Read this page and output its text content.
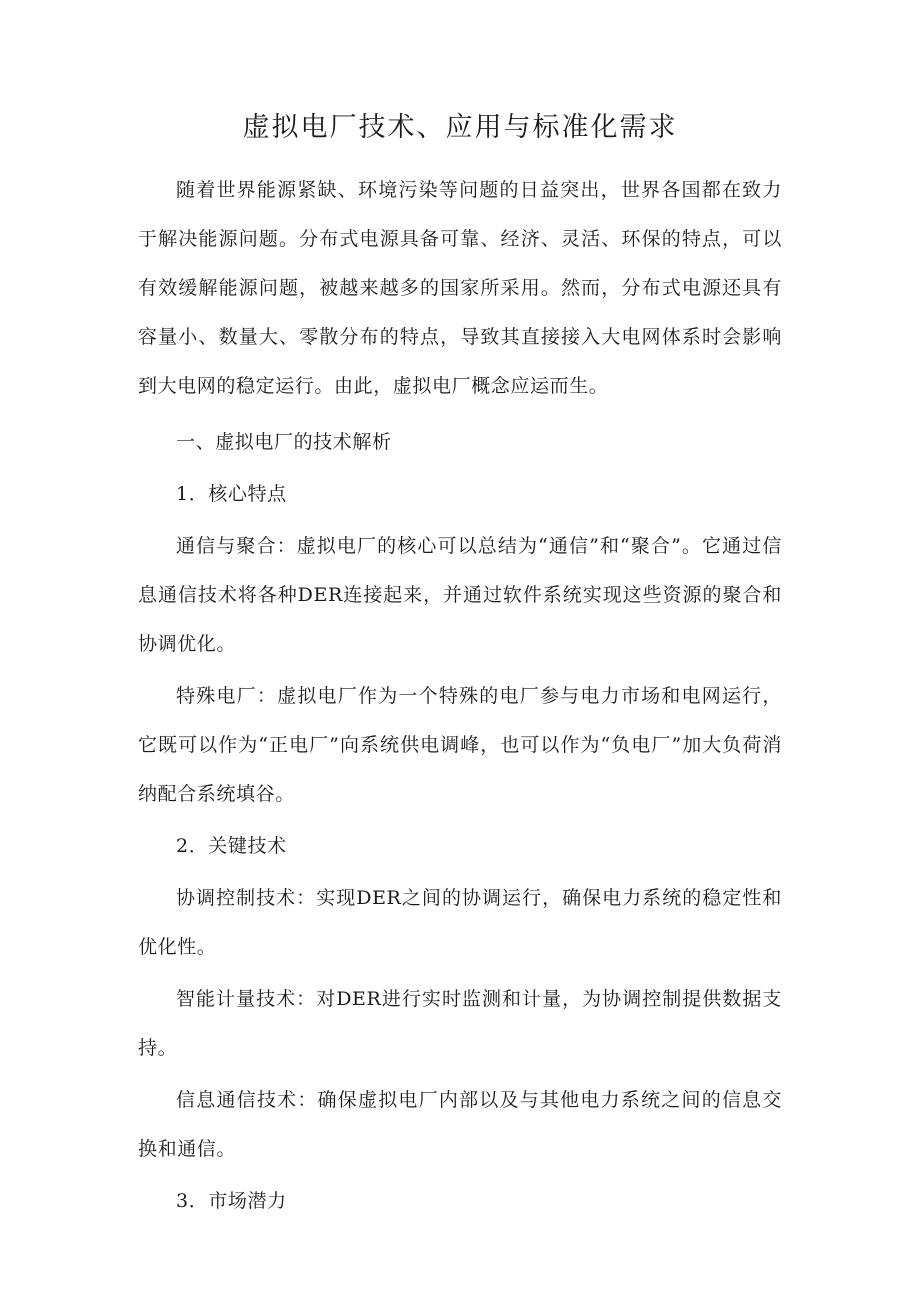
虚拟电厂技术、应用与标准化需求

随着世界能源紧缺、环境污染等问题的日益突出，世界各国都在致力于解决能源问题。分布式电源具备可靠、经济、灵活、环保的特点，可以有效缓解能源问题，被越来越多的国家所采用。然而，分布式电源还具有容量小、数量大、零散分布的特点，导致其直接接入大电网体系时会影响到大电网的稳定运行。由此，虚拟电厂概念应运而生。

一、虚拟电厂的技术解析

1．核心特点

通信与聚合：虚拟电厂的核心可以总结为“通信”和“聚合”。它通过信息通信技术将各种DER连接起来，并通过软件系统实现这些资源的聚合和协调优化。

特殊电厂：虚拟电厂作为一个特殊的电厂参与电力市场和电网运行，它既可以作为“正电厂”向系统供电调峰，也可以作为“负电厂”加大负荷消纳配合系统填谷。

2．关键技术

协调控制技术：实现DER之间的协调运行，确保电力系统的稳定性和优化性。

智能计量技术：对DER进行实时监测和计量，为协调控制提供数据支持。

信息通信技术：确保虚拟电厂内部以及与其他电力系统之间的信息交换和通信。

3．市场潜力
